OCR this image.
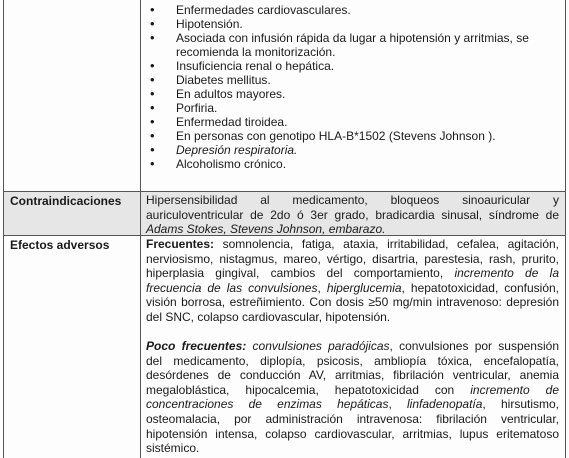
• Enfermedades cardiovasculares.
• Hipotensión.
• Asociada con infusión rápida da lugar a hipotensión y arritmias, se recomienda la monitorización.
• Insuficiencia renal o hepática.
• Diabetes mellitus.
• En adultos mayores.
• Porfiria.
• Enfermedad tiroidea.
• En personas con genotipo HLA-B*1502 (Stevens Johnson ).
• Depresión respiratoria.
• Alcoholismo crónico.
Contraindicaciones Hipersensibilidad al medicamento, bloqueos sinoauricular y auriculoventricular de 2do ó 3er grado, bradicardia sinusal, síndrome de Adams Stokes, Stevens Johnson, embarazo.
Efectos adversos	Frecuentes: somnolencia, fatiga, ataxia, irritabilidad, cefalea, agitación, nerviosismo, nistagmus, mareo, vértigo, disartria, parestesia, rash, prurito, hiperplasia gingival, cambios del comportamiento, incremento de la frecuencia de las convulsiones, hiperglucemia, hepatotoxicidad, confusión, visión borrosa, estreñimiento. Con dosis ≥50 mg/min intravenoso: depresión del SNC, colapso cardiovascular, hipotensión.
Poco frecuentes: convulsiones paradójicas, convulsiones por suspensión del medicamento, diplopía, psicosis, ambliopía tóxica, encefalopatía, desórdenes de conducción AV, arritmias, fibrilación ventricular, anemia megaloblástica, hipocalcemia, hepatotoxicidad con incremento de concentraciones de enzimas hepáticas, linfadenopatía, hirsutismo, osteomalacia, por administración intravenosa: fibrilación ventricular, hipotensión intensa, colapso cardiovascular, arritmias, lupus eritematoso sistémico.
